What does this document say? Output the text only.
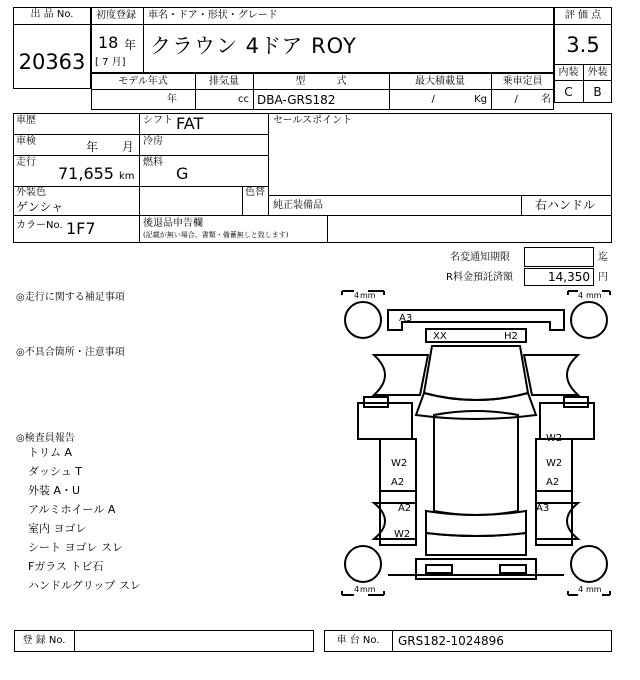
出 品 No.
20363
初度登録 車名・ドア・形状・グレード
18 年
[ 7 月]
クラウン 4ドア ROY
評 価 点
3.5
内装 外装
C	B
モデル年式	排気量	型 式	最大積載量	乗車定員
年	cc DBA-GRS182	/ Kg	/ 名
車歴	シフト FAT	セールスポイント
車検	年 月 冷房
走行
71,655 km
燃料
G
外装色
ゲンシャ
色替
純正装備品	右ハンドル
カラーNo. 1F7	後退品申告欄
(記載が無い場合、書類・備蓄無しと致します)
名変通知期限	迄
R料金預託済額	14,350 円
◎走行に関する補足事項
◎不具合箇所・注意事項
◎検査員報告
トリム A
ダッシュ T
外装 A・U
アルミホイール A
室内 ヨゴレ
シート ヨゴレ スレ
Fガラス トビ石
ハンドルグリップ スレ
4 mm	4 mm
4 mm	4 mm
A3
XX	H2
W2
W2
A2
W2
A2
A2
W2
A3
登 録 No.	車 台 No.	GRS182-1024896
